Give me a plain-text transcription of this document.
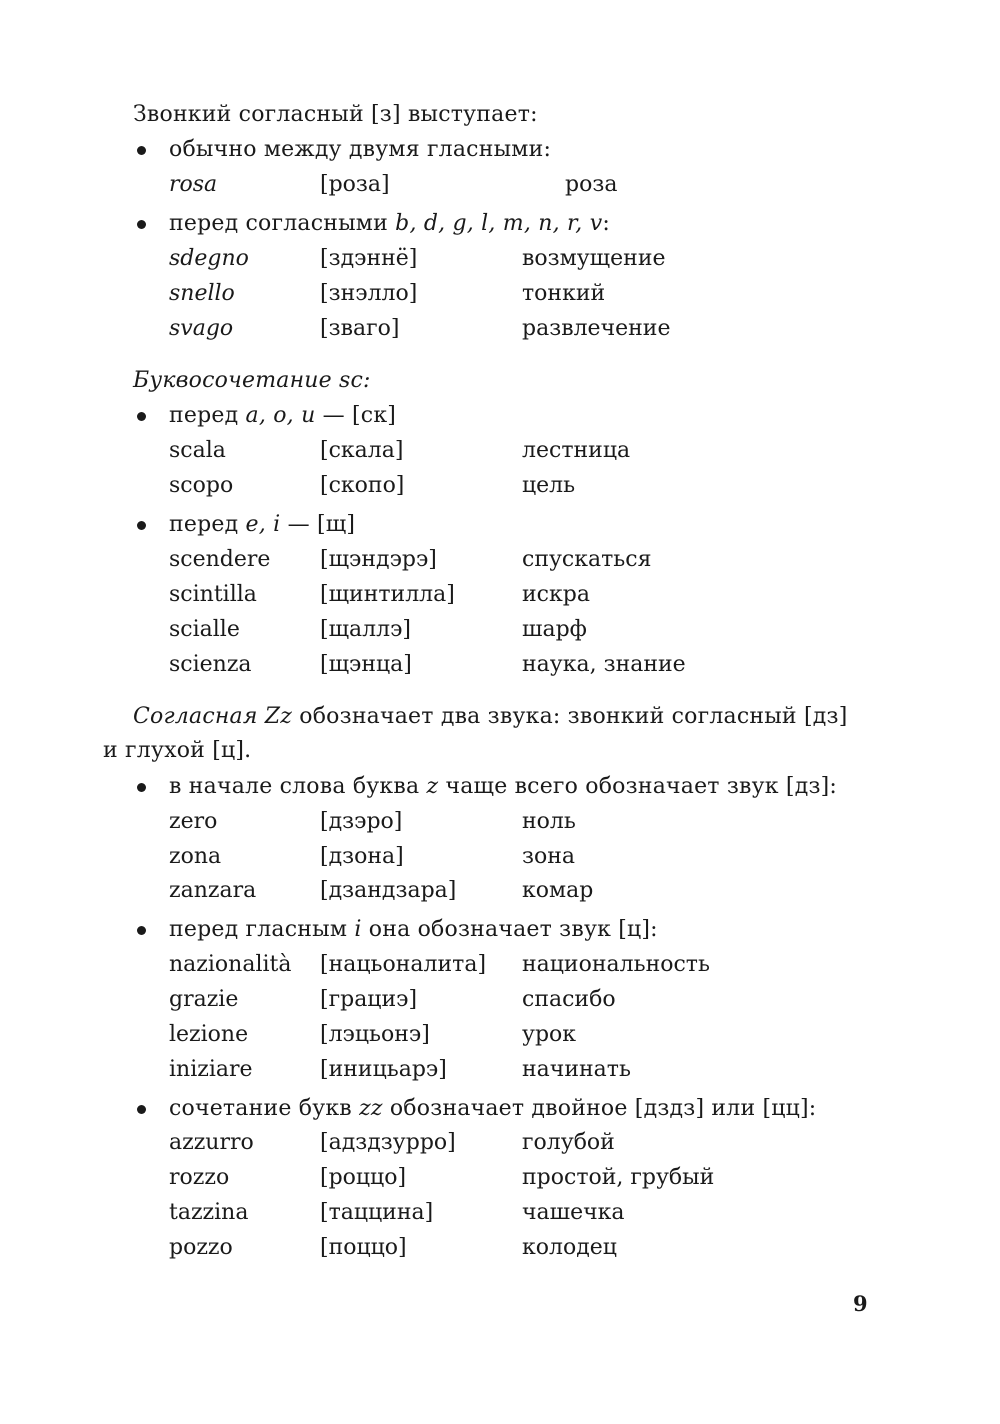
Звонкий согласный [з] выступает:
обычно между двумя гласными:
rosa	[роза]	роза
перед согласными b, d, g, l, m, n, r, v:
sdegno	[здэннё]	возмущение
snello	[знэлло]	тонкий
svago	[зваго]	развлечение
Буквосочетание sc:
перед a, o, u — [ск]
scala	[скала]	лестница
scopo	[скопо]	цель
перед e, i — [щ]
scendere [щэндэрэ]	спускаться
scintilla	[щинтилла]	искра
scialle	[щаллэ]	шарф
scienza	[щэнца]	наука, знание
Согласная Zz обозначает два звука: звонкий согласный [дз]
и глухой [ц].
в начале слова буква z чаще всего обозначает звук [дз]:
zero	[дзэро]	ноль
zona	[дзона]	зона
zanzara	[дзандзара]	комар
перед гласным i она обозначает звук [ц]:
nazionalità [нацьоналита] национальность
grazie	[грациэ]	спасибо
lezione	[лэцьонэ]	урок
iniziare	[иницьарэ]	начинать
сочетание букв zz обозначает двойное [дздз] или [цц]:
azzurro	[адздзурро]	голубой
rozzo	[роццо]	простой, грубый
tazzina	[таццина]	чашечка
pozzo	[поццо]	колодец
9
